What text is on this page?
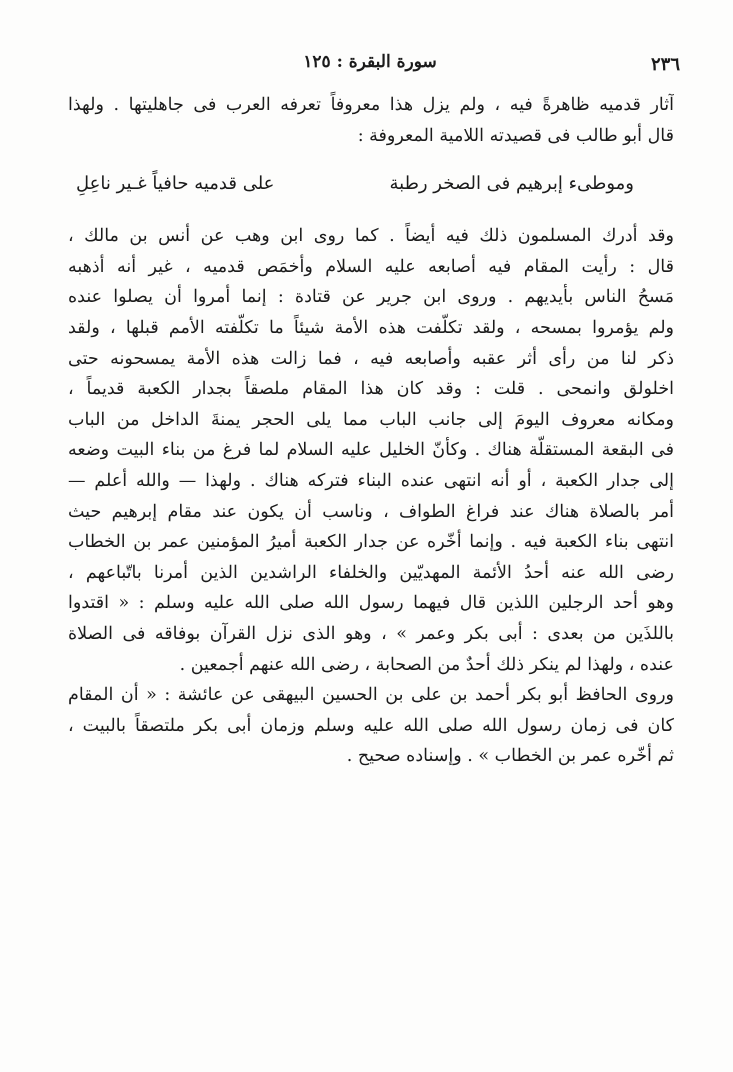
٢٣٦
سورة البقرة : ١٢٥
آثار قدميه ظاهرةً فيه ، ولم يزل هذا معروفاً تعرفه العرب فى جاهليتها . ولهذا
قال أبو طالب فى قصيدته اللامية المعروفة :
وموطىء إبرهيم فى الصخر رطبة
على قدميه حافياً غـير ناعِلِ
وقد أدرك المسلمون ذلك فيه أيضاً . كما روى ابن وهب عن أنس بن مالك ،
قال : رأيت المقام فيه أصابعه عليه السلام وأخمَص قدميه ، غير أنه أذهبه
مَسحُ الناس بأيديهم . وروى ابن جرير عن قتادة : إنما أمروا أن يصلوا عنده
ولم يؤمروا بمسحه ، ولقد تكلّفت هذه الأمة شيئاً ما تكلّفته الأمم قبلها ، ولقد
ذكر لنا من رأى أثر عقبه وأصابعه فيه ، فما زالت هذه الأمة يمسحونه حتى
اخلولق وانمحى . قلت : وقد كان هذا المقام ملصقاً بجدار الكعبة قديماً ،
ومكانه معروف اليومَ إلى جانب الباب مما يلى الحجر يمنةَ الداخل من الباب
فى البقعة المستقلّة هناك . وكأنّ الخليل عليه السلام لما فرغ من بناء البيت وضعه
إلى جدار الكعبة ، أو أنه انتهى عنده البناء فتركه هناك . ولهذا — والله أعلم —
أمر بالصلاة هناك عند فراغ الطواف ، وناسب أن يكون عند مقام إبرهيم حيث
انتهى بناء الكعبة فيه . وإنما أخّره عن جدار الكعبة أميرُ المؤمنين عمر بن الخطاب
رضى الله عنه أحدُ الأئمة المهديّين والخلفاء الراشدين الذين أمرنا باتّباعهم ،
وهو أحد الرجلين اللذين قال فيهما رسول الله صلى الله عليه وسلم : « اقتدوا
باللذَين من بعدى : أبى بكر وعمر » ، وهو الذى نزل القرآن بوفاقه فى الصلاة
عنده ، ولهذا لم ينكر ذلك أحدٌ من الصحابة ، رضى الله عنهم أجمعين .
وروى الحافظ أبو بكر أحمد بن على بن الحسين البيهقى عن عائشة : « أن المقام
كان فى زمان رسول الله صلى الله عليه وسلم وزمان أبى بكر ملتصقاً بالبيت ،
ثم أخّره عمر بن الخطاب » . وإسناده صحيح .
